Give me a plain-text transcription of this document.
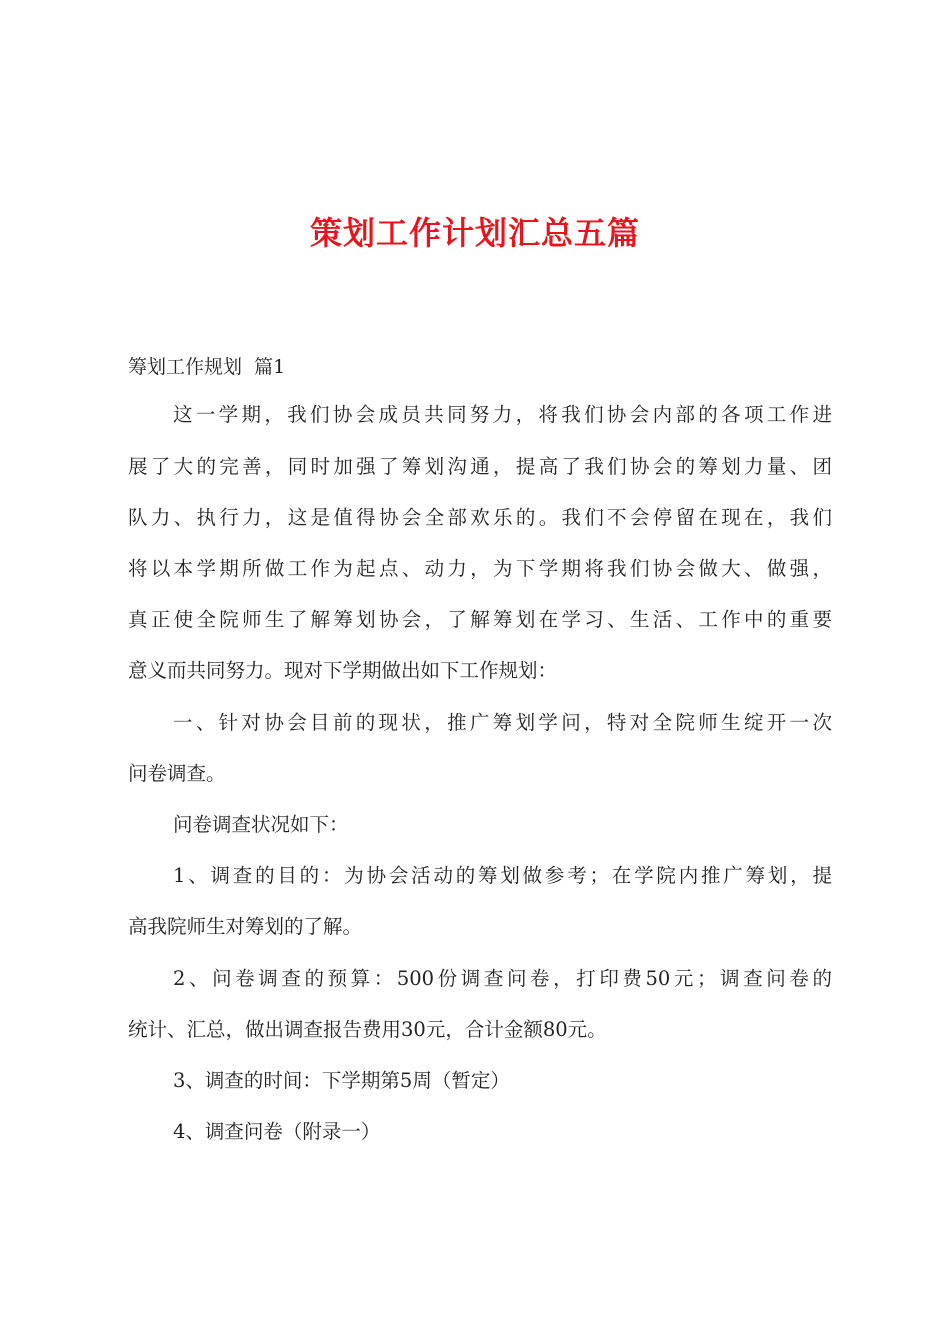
策划工作计划汇总五篇
筹划工作规划  篇1
这一学期，我们协会成员共同努力，将我们协会内部的各项工作进
展了大的完善，同时加强了筹划沟通，提高了我们协会的筹划力量、团
队力、执行力，这是值得协会全部欢乐的。我们不会停留在现在，我们
将以本学期所做工作为起点、动力，为下学期将我们协会做大、做强，
真正使全院师生了解筹划协会，了解筹划在学习、生活、工作中的重要
意义而共同努力。现对下学期做出如下工作规划：
一、针对协会目前的现状，推广筹划学问，特对全院师生绽开一次
问卷调查。
问卷调查状况如下：
1、调查的目的：为协会活动的筹划做参考；在学院内推广筹划，提
高我院师生对筹划的了解。
2、问卷调查的预算：500份调查问卷，打印费50元；调查问卷的
统计、汇总，做出调查报告费用30元，合计金额80元。
3、调查的时间：下学期第5周（暂定）
4、调查问卷（附录一）
